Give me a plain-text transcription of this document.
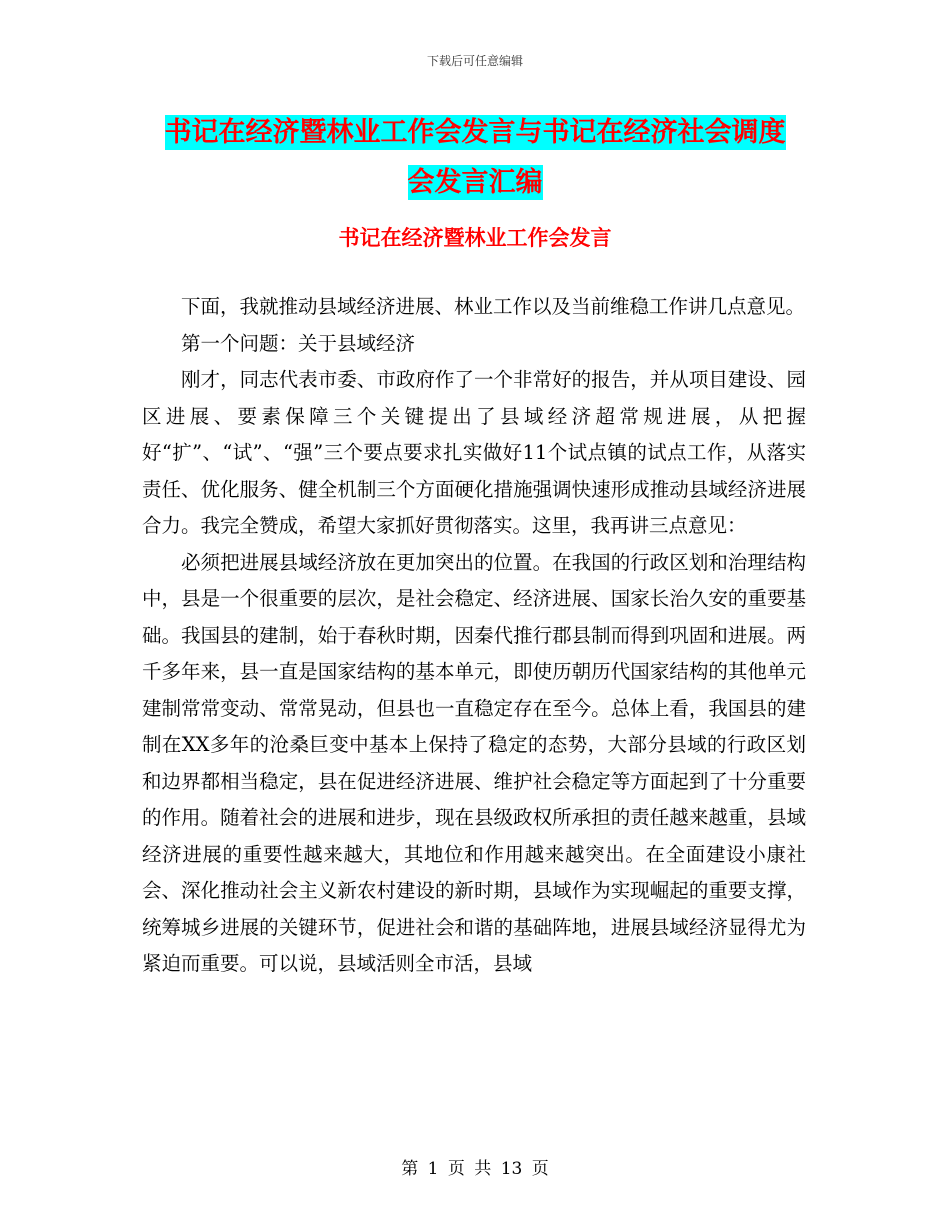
下载后可任意编辑
书记在经济暨林业工作会发言与书记在经济社会调度
会发言汇编
书记在经济暨林业工作会发言

下面，我就推动县域经济进展、林业工作以及当前维稳工作讲几点意见。

第一个问题：关于县域经济

刚才，同志代表市委、市政府作了一个非常好的报告，并从项目建设、园区进展、要素保障三个关键提出了县域经济超常规进展，从把握好“扩”、“试”、“强”三个要点要求扎实做好11个试点镇的试点工作，从落实责任、优化服务、健全机制三个方面硬化措施强调快速形成推动县域经济进展合力。我完全赞成，希望大家抓好贯彻落实。这里，我再讲三点意见：

必须把进展县域经济放在更加突出的位置。在我国的行政区划和治理结构中，县是一个很重要的层次，是社会稳定、经济进展、国家长治久安的重要基础。我国县的建制，始于春秋时期，因秦代推行郡县制而得到巩固和进展。两千多年来，县一直是国家结构的基本单元，即使历朝历代国家结构的其他单元建制常常变动、常常晃动，但县也一直稳定存在至今。总体上看，我国县的建制在XX多年的沧桑巨变中基本上保持了稳定的态势，大部分县域的行政区划和边界都相当稳定，县在促进经济进展、维护社会稳定等方面起到了十分重要的作用。随着社会的进展和进步，现在县级政权所承担的责任越来越重，县域经济进展的重要性越来越大，其地位和作用越来越突出。在全面建设小康社会、深化推动社会主义新农村建设的新时期，县域作为实现崛起的重要支撑，统筹城乡进展的关键环节，促进社会和谐的基础阵地，进展县域经济显得尤为紧迫而重要。可以说，县域活则全市活，县域

第 1 页 共 13 页
